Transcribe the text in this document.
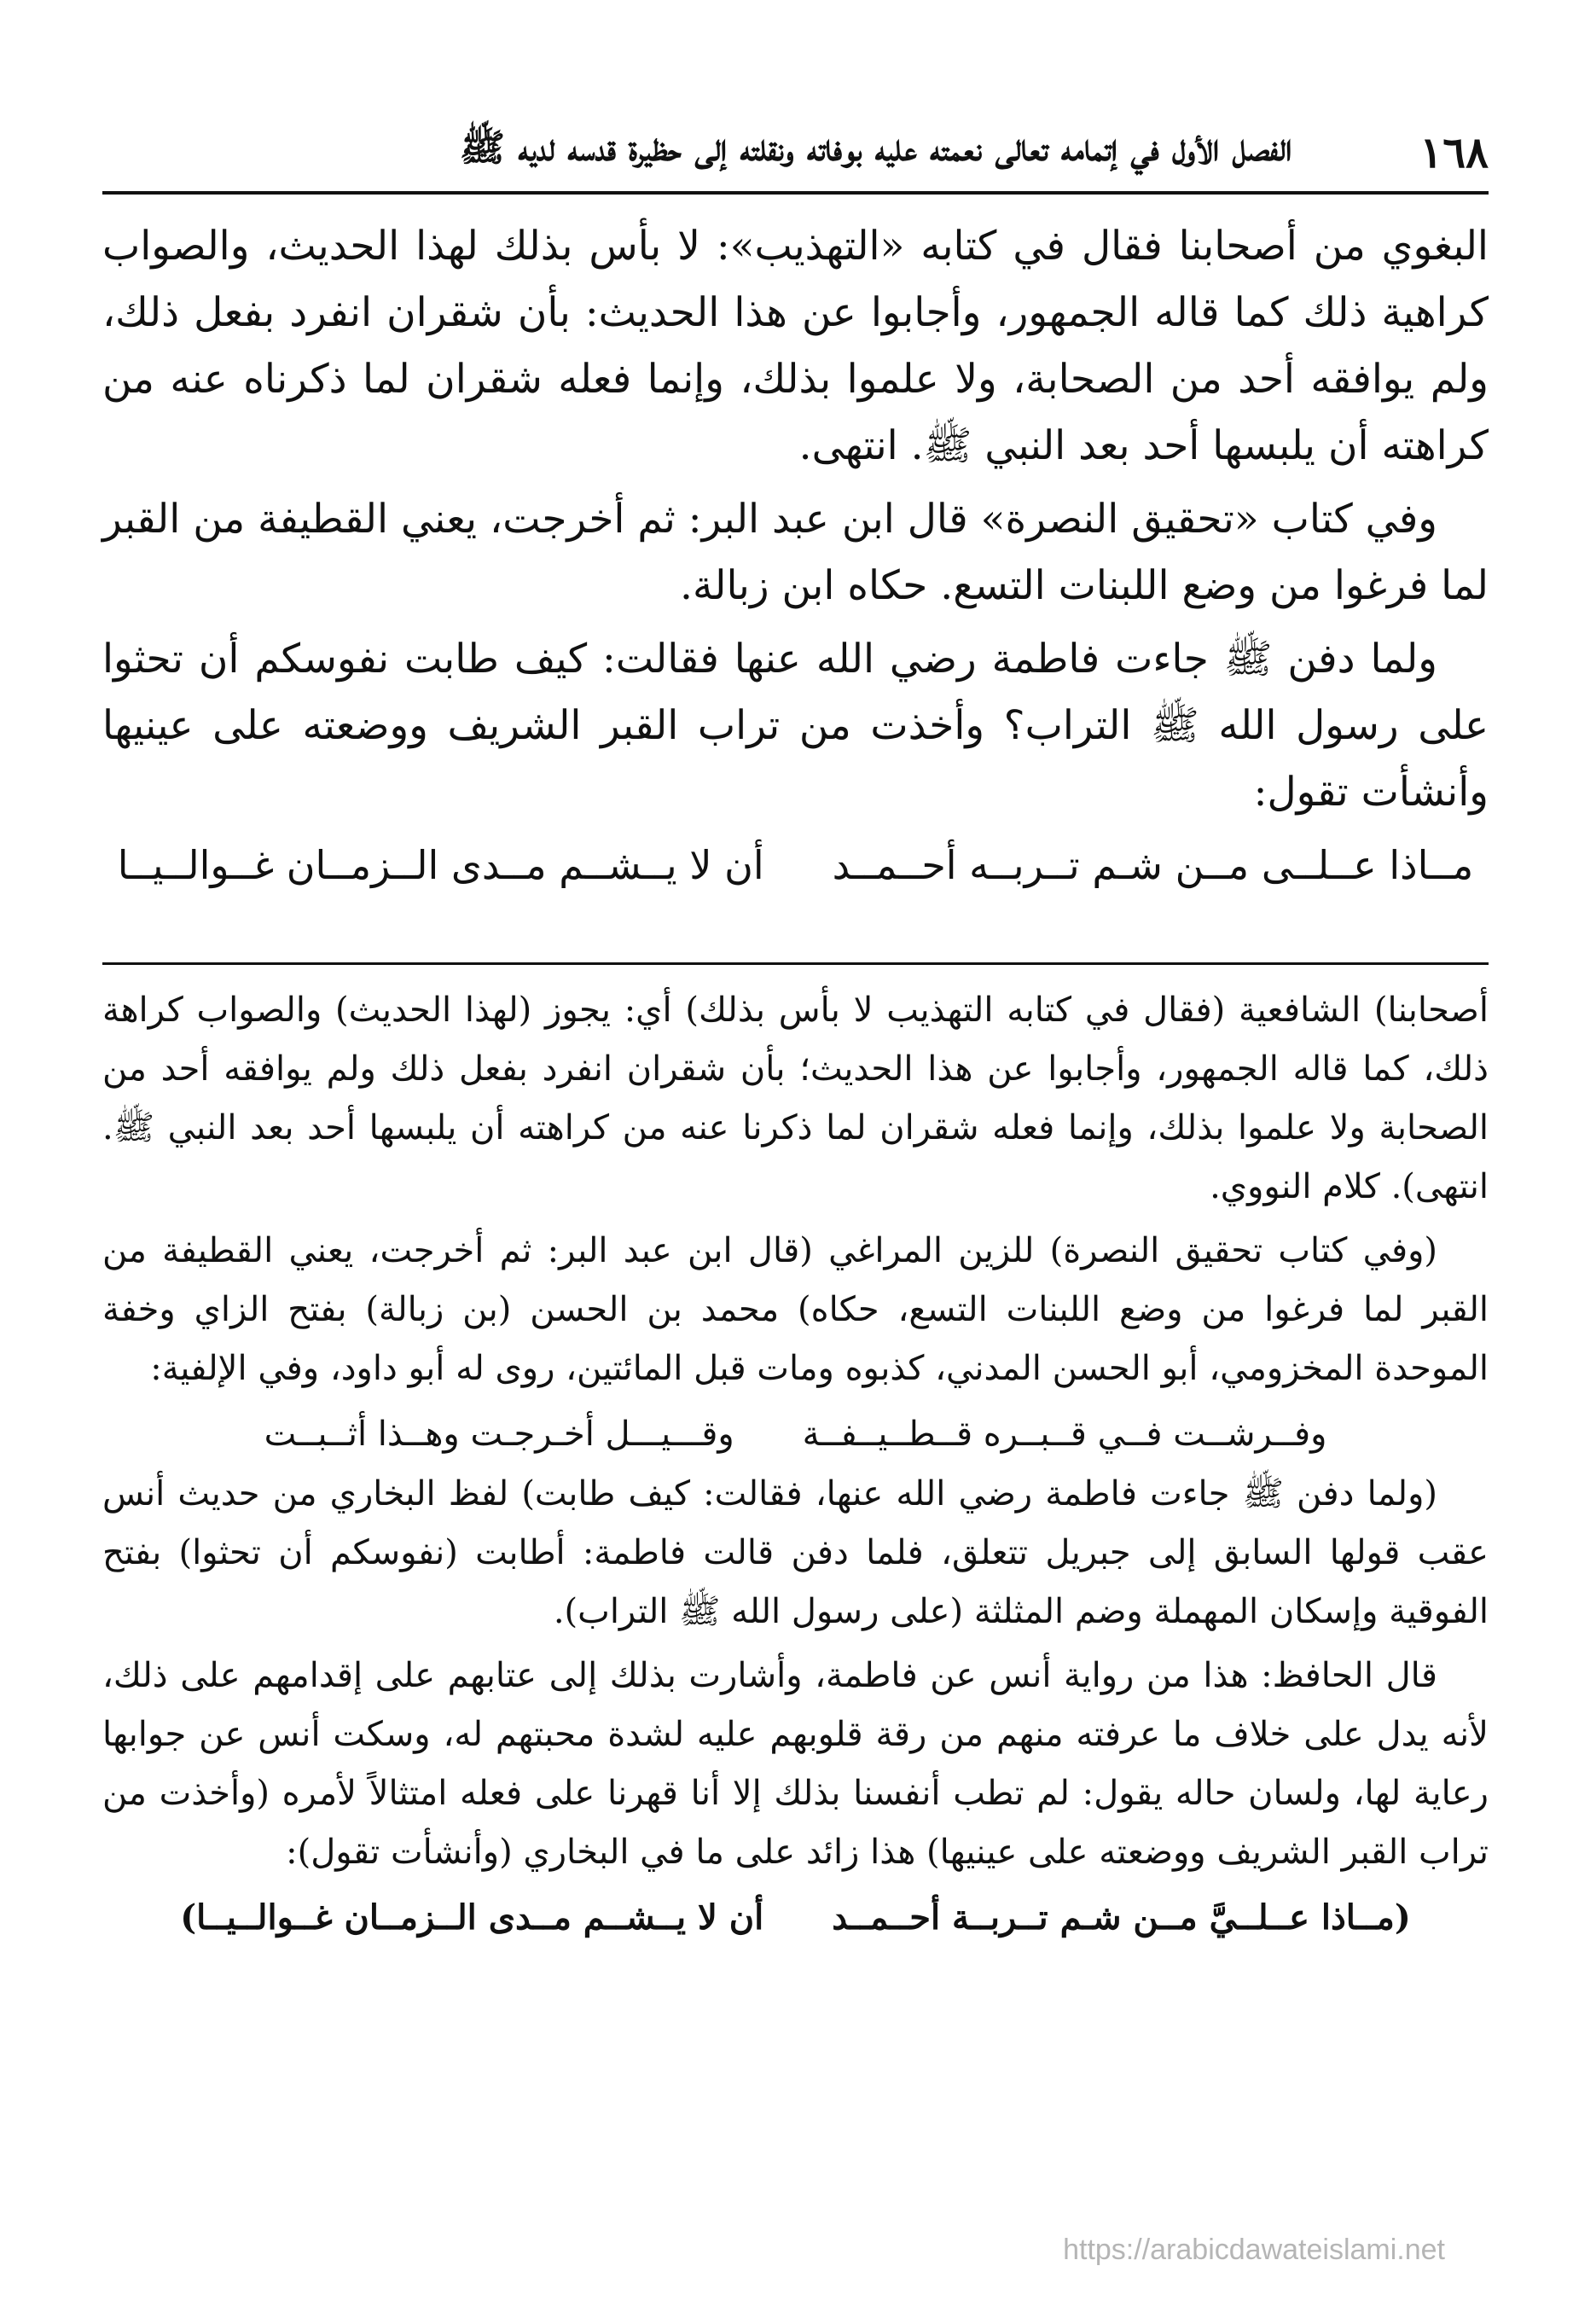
١٦٨
الفصل الأول في إتمامه تعالى نعمته عليه بوفاته ونقلته إلى حظيرة قدسه لديه ﷺ

البغوي من أصحابنا فقال في كتابه «التهذيب»: لا بأس بذلك لهذا الحديث، والصواب كراهية ذلك كما قاله الجمهور، وأجابوا عن هذا الحديث: بأن شقران انفرد بفعل ذلك، ولم يوافقه أحد من الصحابة، ولا علموا بذلك، وإنما فعله شقران لما ذكرناه عنه من كراهته أن يلبسها أحد بعد النبي ﷺ. انتهى.

وفي كتاب «تحقيق النصرة» قال ابن عبد البر: ثم أخرجت، يعني القطيفة من القبر لما فرغوا من وضع اللبنات التسع. حكاه ابن زبالة.

ولما دفن ﷺ جاءت فاطمة رضي الله عنها فقالت: كيف طابت نفوسكم أن تحثوا على رسول الله ﷺ التراب؟ وأخذت من تراب القبر الشريف ووضعته على عينيها وأنشأت تقول:

مــاذا عــلــى مــن شـم تــربــه أحــمــد
أن لا يــشــم مــدى الــزمــان غــوالــيــا

أصحابنا) الشافعية (فقال في كتابه التهذيب لا بأس بذلك) أي: يجوز (لهذا الحديث) والصواب كراهة ذلك، كما قاله الجمهور، وأجابوا عن هذا الحديث؛ بأن شقران انفرد بفعل ذلك ولم يوافقه أحد من الصحابة ولا علموا بذلك، وإنما فعله شقران لما ذكرنا عنه من كراهته أن يلبسها أحد بعد النبي ﷺ. انتهى). كلام النووي.

(وفي كتاب تحقيق النصرة) للزين المراغي (قال ابن عبد البر: ثم أخرجت، يعني القطيفة من القبر لما فرغوا من وضع اللبنات التسع، حكاه) محمد بن الحسن (بن زبالة) بفتح الزاي وخفة الموحدة المخزومي، أبو الحسن المدني، كذبوه ومات قبل المائتين، روى له أبو داود، وفي الإلفية:

وفــرشــت فــي قــبــره قــطــيــفــة
وقـــيـــل أخـرجـت وهــذا أثــبــت

(ولما دفن ﷺ جاءت فاطمة رضي الله عنها، فقالت: كيف طابت) لفظ البخاري من حديث أنس عقب قولها السابق إلى جبريل تتعلق، فلما دفن قالت فاطمة: أطابت (نفوسكم أن تحثوا) بفتح الفوقية وإسكان المهملة وضم المثلثة (على رسول الله ﷺ التراب).

قال الحافظ: هذا من رواية أنس عن فاطمة، وأشارت بذلك إلى عتابهم على إقدامهم على ذلك، لأنه يدل على خلاف ما عرفته منهم من رقة قلوبهم عليه لشدة محبتهم له، وسكت أنس عن جوابها رعاية لها، ولسان حاله يقول: لم تطب أنفسنا بذلك إلا أنا قهرنا على فعله امتثالاً لأمره (وأخذت من تراب القبر الشريف ووضعته على عينيها) هذا زائد على ما في البخاري (وأنشأت تقول):

(مــاذا عــلــيَّ مــن شـم تــربــة أحــمــد
أن لا يــشــم مــدى الــزمــان غــوالــيــا)
https://arabicdawateislami.net
